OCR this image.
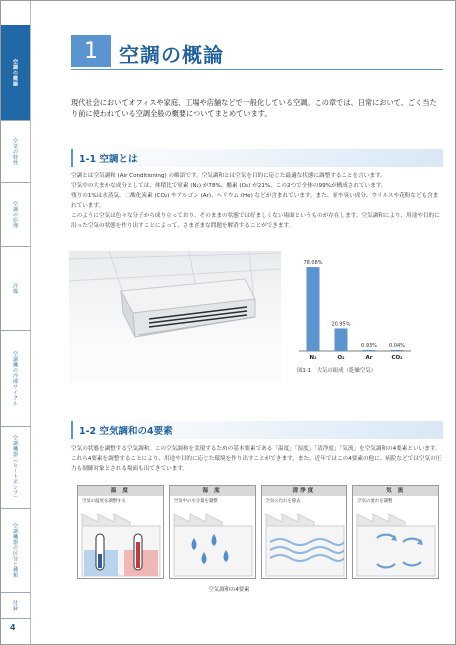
空調の概論
空気の特性
空調の原理
冷媒
空調機の冷凍サイクル
空調機器（ヒートポンプ）
空調機器の区分と種類
付録
4
1	空調の概論
現代社会においてオフィスや家庭、工場や店舗などで一般化している空調。この章では、日常において、ごく当たり前に使われている空調全般の概要についてまとめています。
1-1 空調とは

空調とは空気調和 (Air Conditioning) の略語です。空気調和とは空気を目的に応じた最適な状態に調整することを言います。

空気中の大まかな成分としては、体積比で窒素 (N₂) が78%、酸素 (O₂) が21%、この2つで全体の99%が構成されています。

残りの1%は水蒸気、二酸化炭素 (CO₂) やアルゴン (Ar)、ヘリウム (He) などが含まれています。また、並や臭い成分、ウイルスや花粉なども含まれています。

このように空気は色々な分子から成り立っており、そのままの状態では好ましくない場面というものが存在します。空気調和により、用途や目的に沿った空気の状態を作り出すことによって、さまざまな問題を解消することができます。

78.08%
N₂
20.95%
O₂
0.93%
Ar
0.04%
CO₂
図1-1　大気の組成（乾燥空気）
1-2 空気調和の4要素
空気の状態を調整する空気調和。この空気調和を実現するための基本要素である「温度」「湿度」「清浄度」「気流」を空気調和の4要素といいます。これら4要素を調整することにより、用途や目的に応じた環境を作り出すことができます。また、近年ではこの4要素の他に、病院などでは空気の圧力も制御対象とされる場面も出てきています。
温 度
空気の温度を調整する
湿 度
空気中の水分量を調整
清浄度
空気の汚れを除去
気 流
空気の流れを調整
空気調和の4要素
